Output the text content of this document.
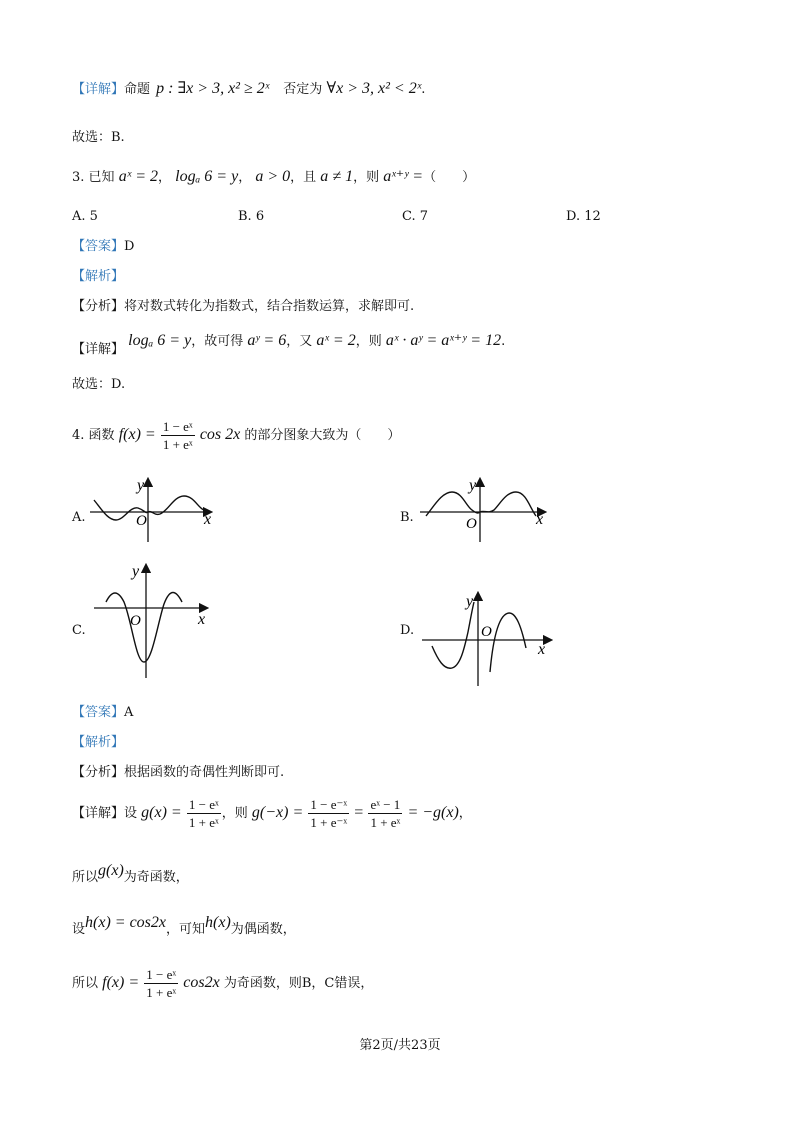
【详解】命题 p : ∃x > 3, x² ≥ 2ˣ 否定为 ∀x > 3, x² < 2ˣ.
故选：B.
3. 已知 aˣ = 2， logₐ 6 = y， a > 0，且 a ≠ 1，则 aˣ⁺ʸ =（　　）
A. 5	B. 6	C. 7	D. 12
【答案】D
【解析】
【分析】将对数式转化为指数式，结合指数运算，求解即可.
【详解】 logₐ 6 = y，故可得 aʸ = 6，又 aˣ = 2，则 aˣ · aʸ = aˣ⁺ʸ = 12.
故选：D.
4. 函数 $f(x) = \frac{\text{1 − eˣ}}{\text{1 + eˣ}}$ cos 2x 的部分图象大致为（　　）
A.
y
x
O	B.
y
x
O
C.
y
x
O
D.
y
x
O
【答案】A
【解析】
【分析】根据函数的奇偶性判断即可.
【详解】设 $g(x) = \frac{\text{1 − eˣ}}{\text{1 + eˣ}}$ ，则 $g(-x) = \frac{\text{1 − e⁻ˣ}}{\text{1 + e⁻ˣ}} = \frac{\text{eˣ − 1}}{\text{1 + eˣ}} = -g(x)$，
所以g(x)为奇函数，
设h(x) = cos2x，可知h(x)为偶函数，
所以 $f(x) = \frac{\text{1 − eˣ}}{\text{1 + eˣ}} \cos 2x$ 为奇函数，则B，C错误，
第2页/共23页
